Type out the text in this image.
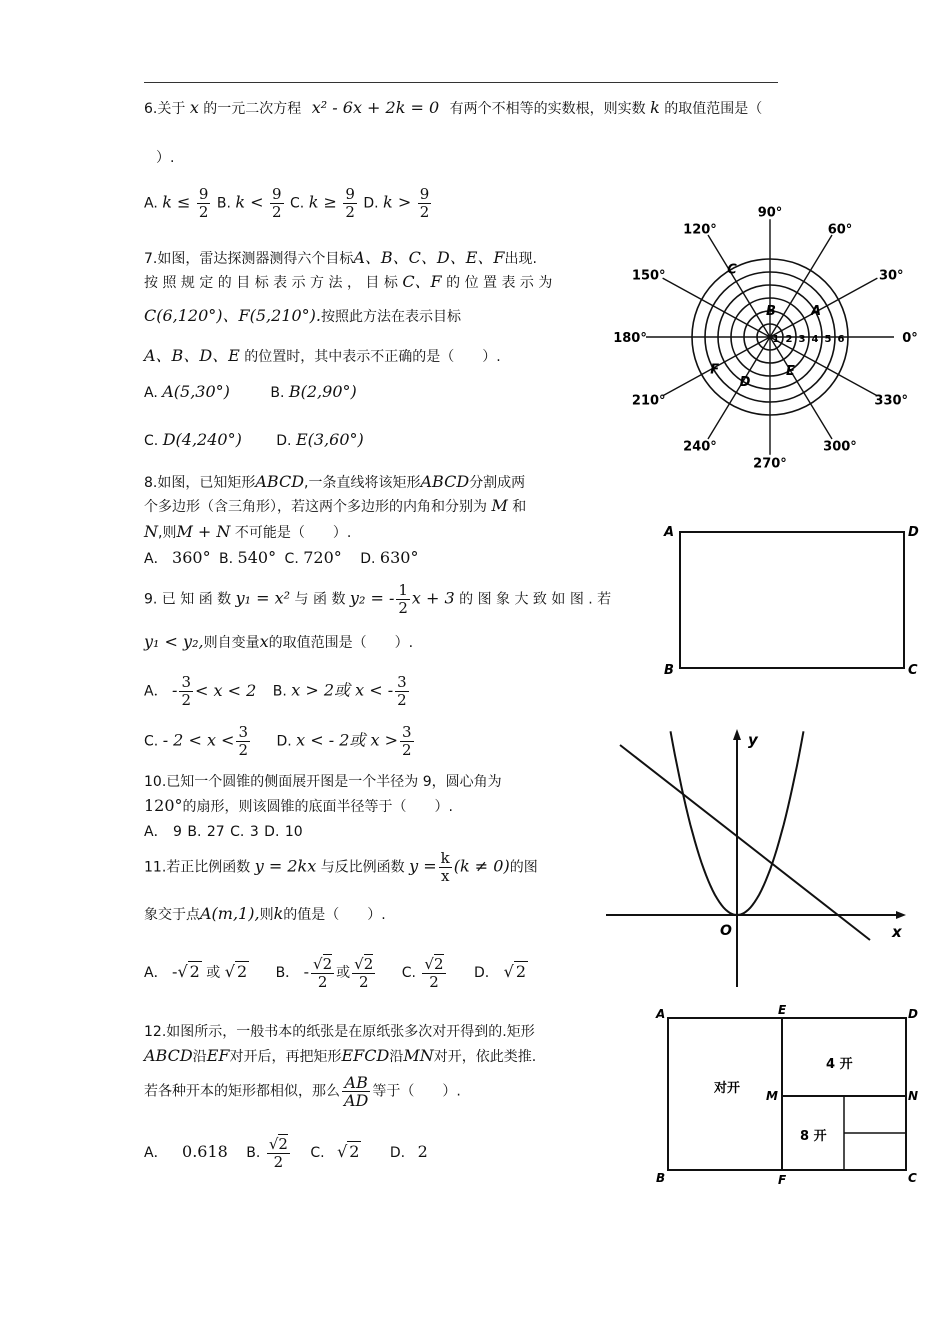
6.关于 x 的一元二次方程 x² - 6x + 2k = 0 有两个不相等的实数根，则实数 k 的取值范围是（
）.
A. $k \le \frac{9}{2} B$. $k < \frac{9}{2} C$. $k \ge \frac{9}{2} D$. $k > \frac{9}{2}$
7.如图，雷达探测器测得六个目标A、B、C、D、E、F出现.
按 照 规 定 的 目 标 表 示 方 法 ， 目 标 C、F 的 位 置 表 示 为
C(6,120°)、F(5,210°).按照此方法在表示目标
A、B、D、E 的位置时，其中表示不正确的是（　　）.
A. A(5,30°)	B. B(2,90°)
C. D(4,240°) D. E(3,60°)
0°
30°
60°
90°
120°
150°
180°
210°
240°
270°
300°
330°
1 2 3 4 5 6
A
B
C
D
E
F
8.如图，已知矩形ABCD,一条直线将该矩形ABCD分割成两
个多边形（含三角形），若这两个多边形的内角和分别为 M 和
N,则M + N 不可能是（　　）.
A． 360° B. 540° C. 720° D. 630°
A	D
B	C
9. 已 知 函 数 y₁ = x² 与 函 数 y₂ = - $\frac{1}{2}$ x + 3 的 图 象 大 致 如 图 . 若
y₁ < y₂,则自变量x的取值范围是（　　）.
A． - $\frac{3}{2} < x < 2$ B. x > 2或 x < - $\frac{3}{2}$
C. - $2 < x < \frac{3}{2} D$. x < - 2或 $x > \frac{3}{2}$	y
x
O
10.已知一个圆锥的侧面展开图是一个半径为 9，圆心角为
120°的扇形，则该圆锥的底面半径等于（　　）.
A． 9 B. 27 C. 3 D. 10
11.若正比例函数 y = 2kx 与反比例函数 $y = \frac{k}{x} (k \ne 0)$的图
象交于点A(m,1),则k的值是（　　）.
A． -√ 2 或 √ 2 B． - $\frac{√2}{2}$ 或 $\frac{√2}{2} C$. $\frac{√2}{2} D$. √ 2
12.如图所示，一般书本的纸张是在原纸张多次对开得到的.矩形
ABCD沿EF对开后，再把矩形EFCD沿MN对开，依此类推.
若各种开本的矩形都相似，那么 $\frac{AB}{AD}$ 等于（　　）.
A． 0.618 B. $\frac{√2}{2} C$. √ 2 D. 2
A
B	C
D
E
F
M	N
对开
4 开
8 开
